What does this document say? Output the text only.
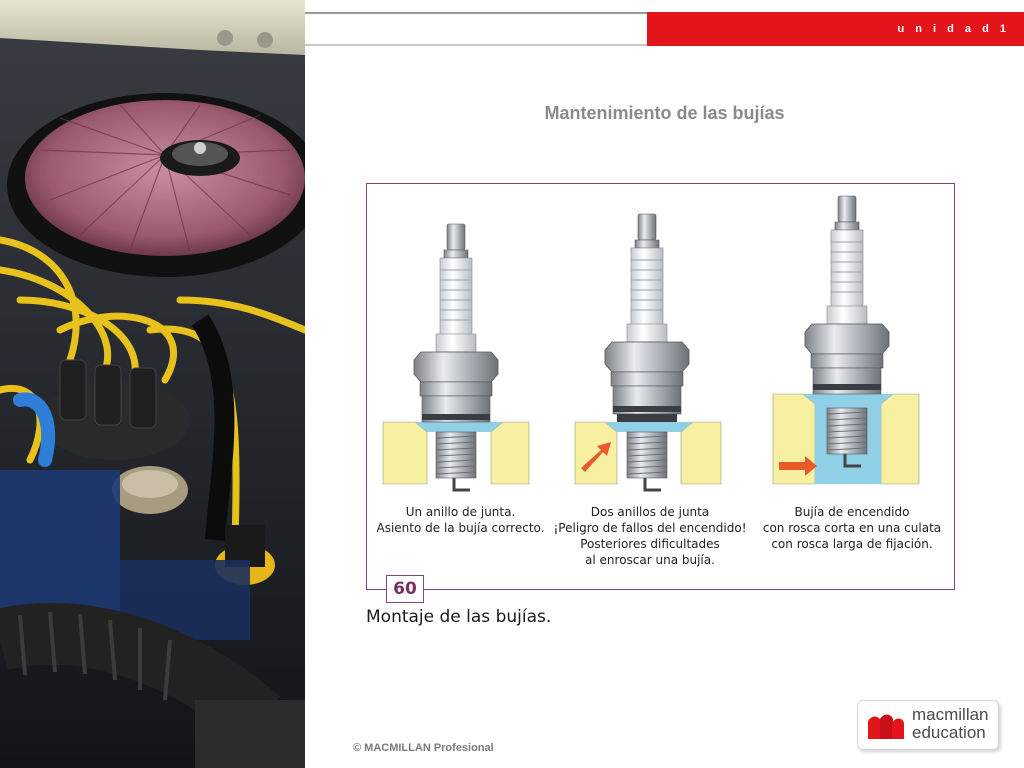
u n i d a d 1
Mantenimiento de las bujías
Un anillo de junta.
Asiento de la bujía correcto.
Dos anillos de junta
¡Peligro de fallos del encendido!
Posteriores dificultades
al enroscar una bujía.
Bujía de encendido
con rosca corta en una culata
con rosca larga de fijación.
60
Montaje de las bujías.
© MACMILLAN Profesional
macmillan
education
